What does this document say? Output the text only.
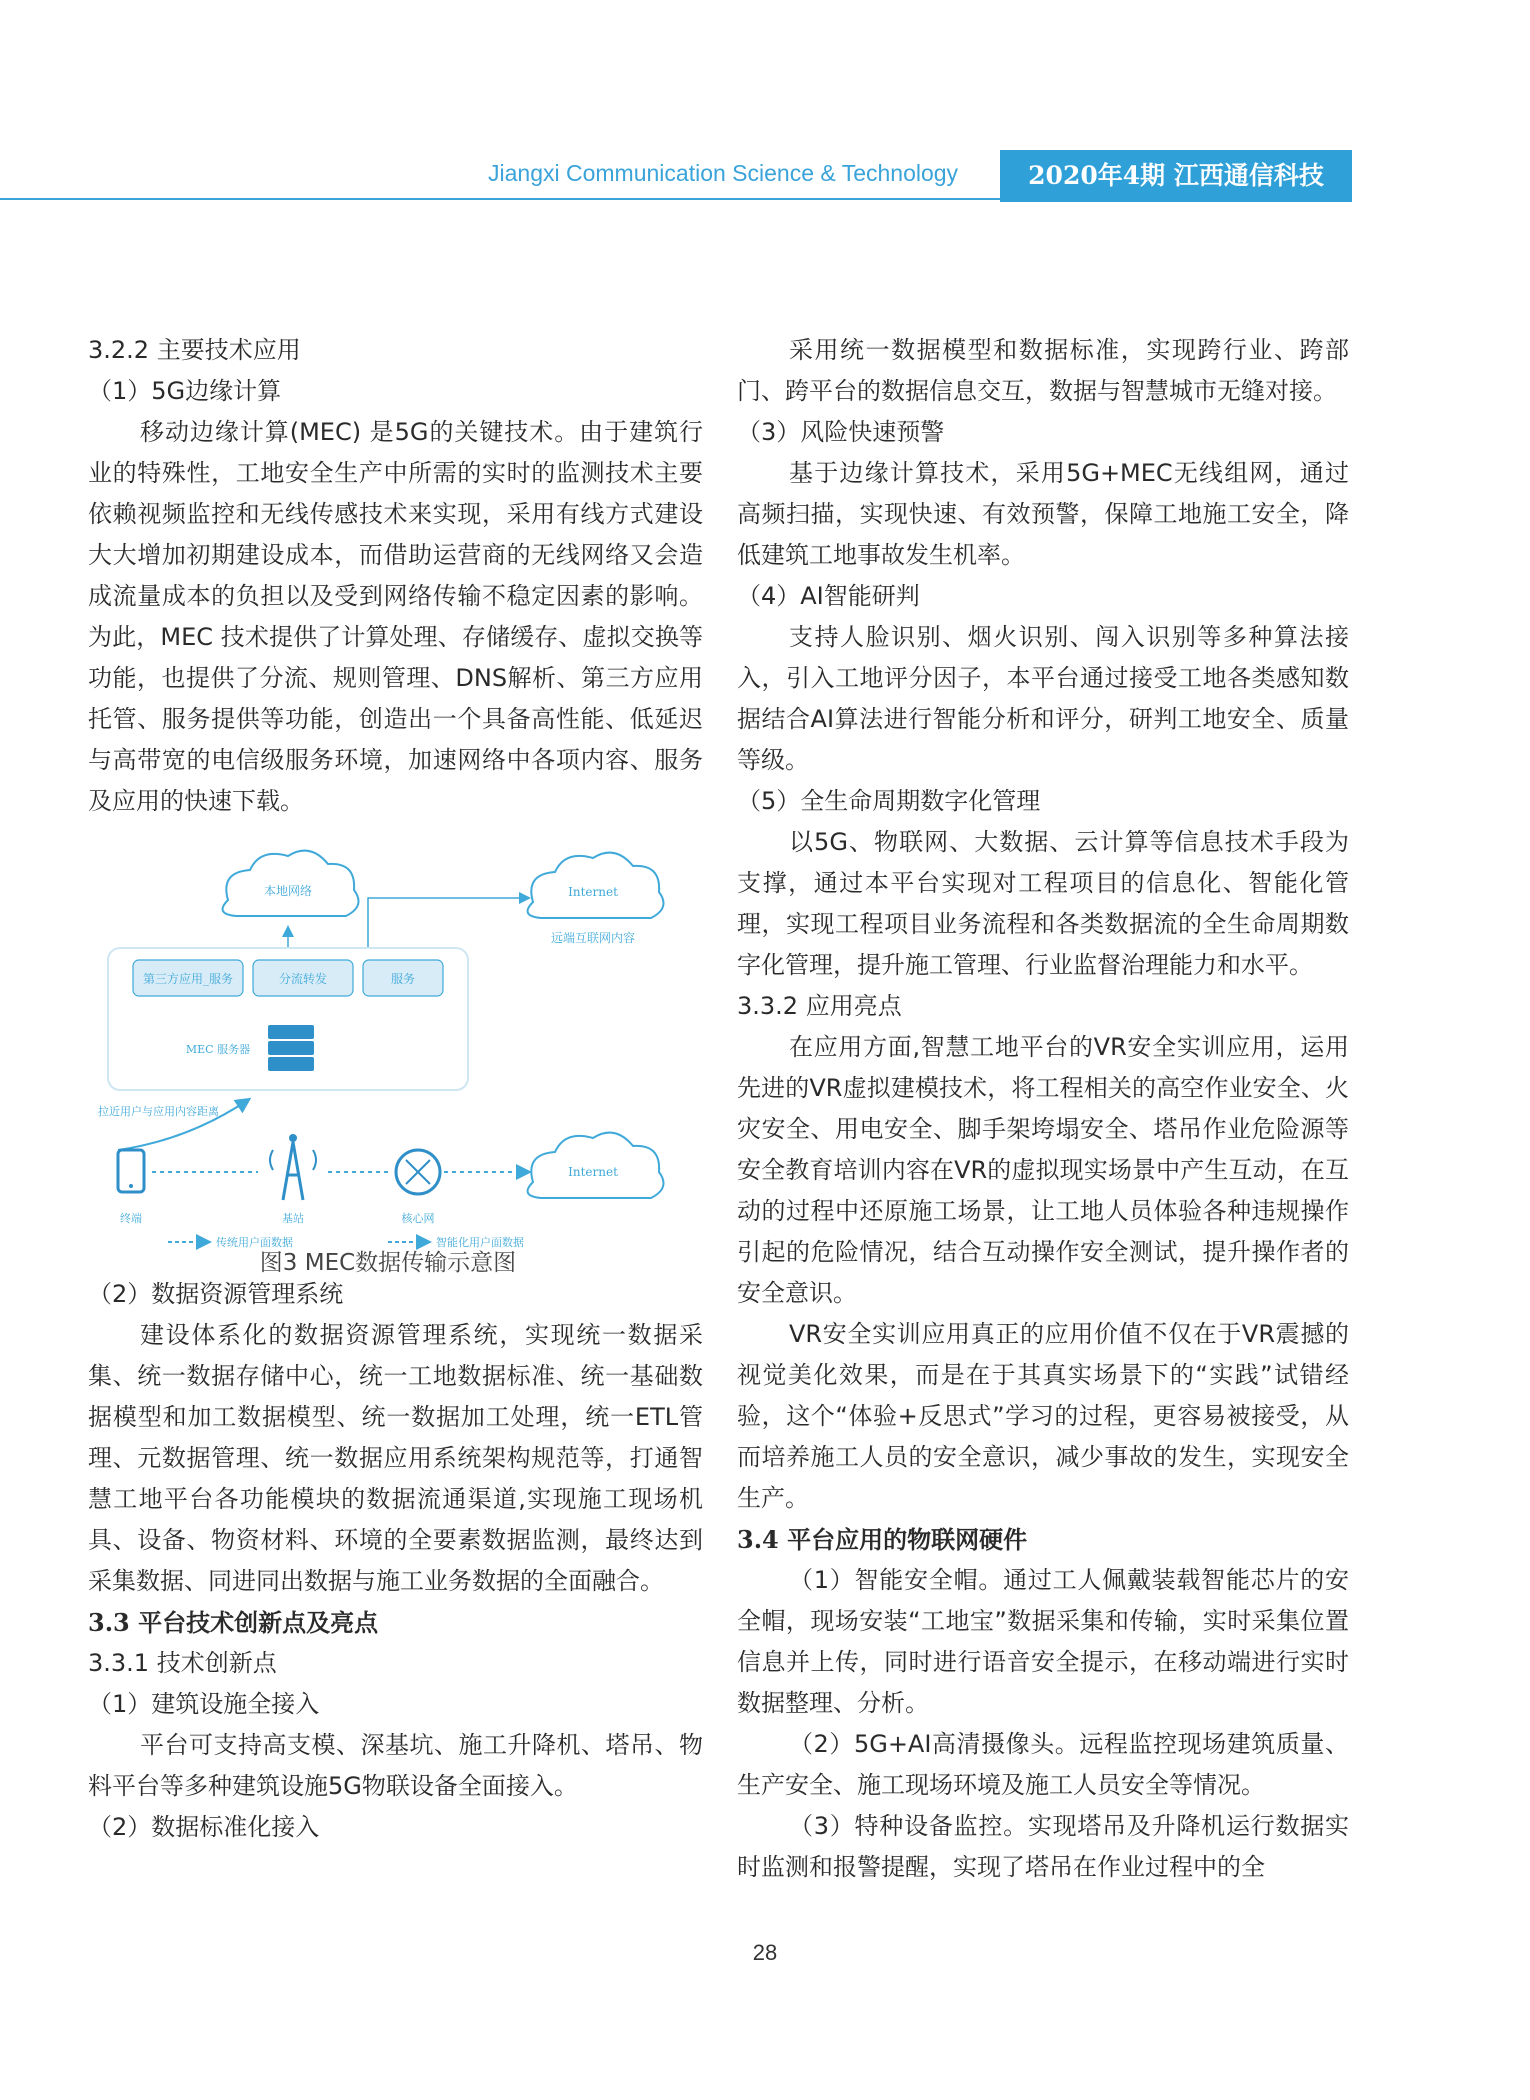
Jiangxi Communication Science & Technology	2020年4期 江西通信科技

3.2.2 主要技术应用

（1）5G边缘计算

移动边缘计算(MEC) 是5G的关键技术。由于建筑行业的特殊性，工地安全生产中所需的实时的监测技术主要依赖视频监控和无线传感技术来实现，采用有线方式建设大大增加初期建设成本，而借助运营商的无线网络又会造成流量成本的负担以及受到网络传输不稳定因素的影响。为此，MEC 技术提供了计算处理、存储缓存、虚拟交换等功能，也提供了分流、规则管理、DNS解析、第三方应用托管、服务提供等功能，创造出一个具备高性能、低延迟与高带宽的电信级服务环境，加速网络中各项内容、服务及应用的快速下载。

本地网络	Internet
远端互联网内容
第三方应用_服务	分流转发	服务
MEC 服务器
拉近用户与应用内容距离
终端	基站	核心网
Internet
传统用户面数据	智能化用户面数据
图3 MEC数据传输示意图

（2）数据资源管理系统

建设体系化的数据资源管理系统，实现统一数据采集、统一数据存储中心，统一工地数据标准、统一基础数据模型和加工数据模型、统一数据加工处理，统一ETL管理、元数据管理、统一数据应用系统架构规范等，打通智慧工地平台各功能模块的数据流通渠道,实现施工现场机具、设备、物资材料、环境的全要素数据监测，最终达到采集数据、同进同出数据与施工业务数据的全面融合。

3.3 平台技术创新点及亮点

3.3.1 技术创新点

（1）建筑设施全接入

平台可支持高支模、深基坑、施工升降机、塔吊、物料平台等多种建筑设施5G物联设备全面接入。

（2）数据标准化接入

采用统一数据模型和数据标准，实现跨行业、跨部门、跨平台的数据信息交互，数据与智慧城市无缝对接。

（3）风险快速预警

基于边缘计算技术，采用5G+MEC无线组网，通过高频扫描，实现快速、有效预警，保障工地施工安全，降低建筑工地事故发生机率。

（4）AI智能研判

支持人脸识别、烟火识别、闯入识别等多种算法接入，引入工地评分因子，本平台通过接受工地各类感知数据结合AI算法进行智能分析和评分，研判工地安全、质量等级。

（5）全生命周期数字化管理

以5G、物联网、大数据、云计算等信息技术手段为支撑，通过本平台实现对工程项目的信息化、智能化管理，实现工程项目业务流程和各类数据流的全生命周期数字化管理，提升施工管理、行业监督治理能力和水平。

3.3.2 应用亮点

在应用方面,智慧工地平台的VR安全实训应用，运用先进的VR虚拟建模技术，将工程相关的高空作业安全、火灾安全、用电安全、脚手架垮塌安全、塔吊作业危险源等安全教育培训内容在VR的虚拟现实场景中产生互动，在互动的过程中还原施工场景，让工地人员体验各种违规操作引起的危险情况，结合互动操作安全测试，提升操作者的安全意识。

VR安全实训应用真正的应用价值不仅在于VR震撼的视觉美化效果，而是在于其真实场景下的“实践”试错经验，这个“体验+反思式”学习的过程，更容易被接受，从而培养施工人员的安全意识，减少事故的发生，实现安全生产。

3.4 平台应用的物联网硬件

（1）智能安全帽。通过工人佩戴装载智能芯片的安全帽，现场安装“工地宝”数据采集和传输，实时采集位置信息并上传，同时进行语音安全提示，在移动端进行实时数据整理、分析。

（2）5G+AI高清摄像头。远程监控现场建筑质量、生产安全、施工现场环境及施工人员安全等情况。

（3）特种设备监控。实现塔吊及升降机运行数据实时监测和报警提醒，实现了塔吊在作业过程中的全

28
